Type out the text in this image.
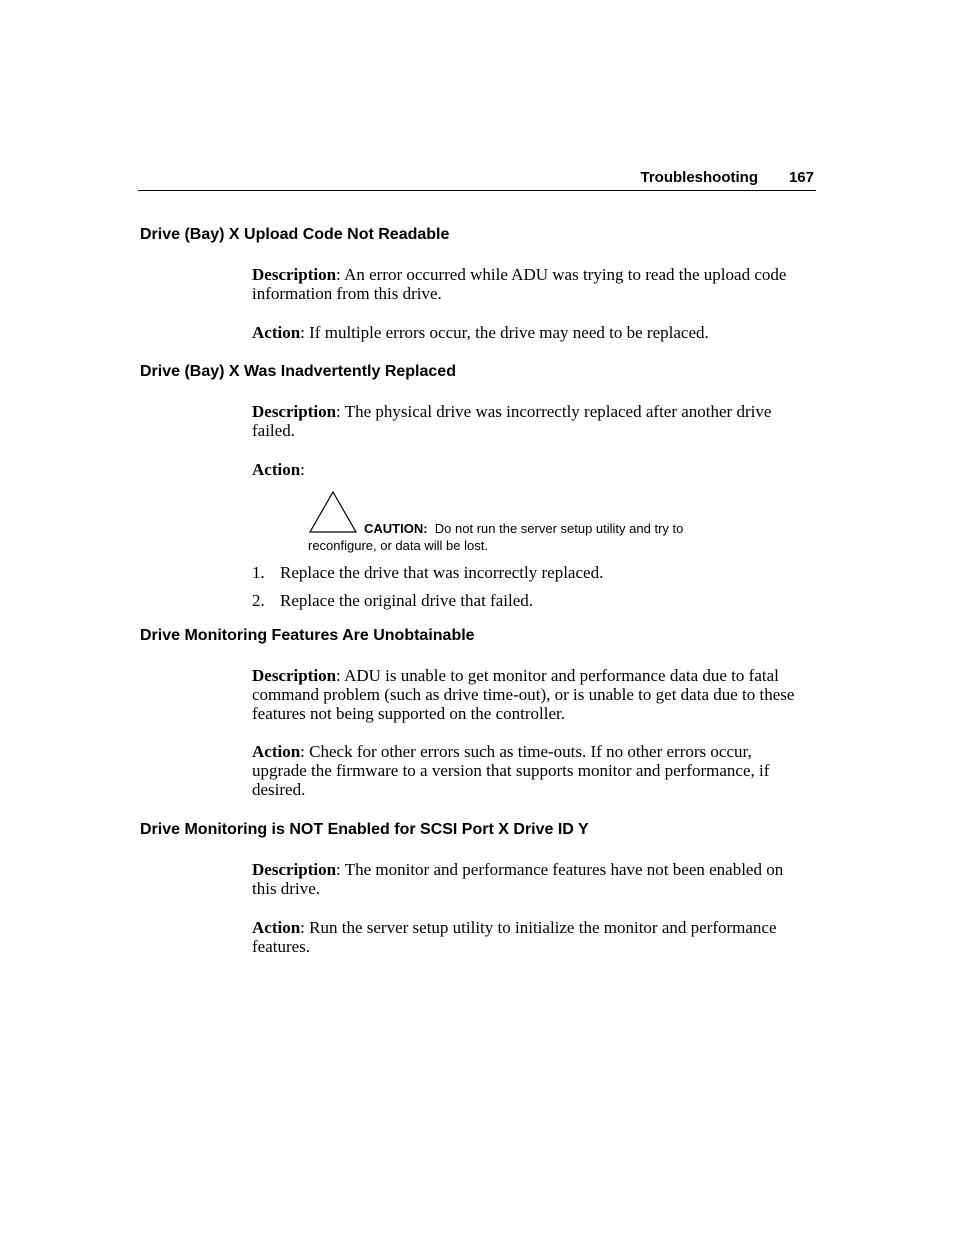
Troubleshooting 167
Drive (Bay) X Upload Code Not Readable
Description: An error occurred while ADU was trying to read the upload code information from this drive.
Action: If multiple errors occur, the drive may need to be replaced.
Drive (Bay) X Was Inadvertently Replaced
Description: The physical drive was incorrectly replaced after another drive failed.
Action:
CAUTION: Do not run the server setup utility and try to
reconfigure, or data will be lost.
1. Replace the drive that was incorrectly replaced.
2. Replace the original drive that failed.
Drive Monitoring Features Are Unobtainable
Description: ADU is unable to get monitor and performance data due to fatal command problem (such as drive time-out), or is unable to get data due to these features not being supported on the controller.
Action: Check for other errors such as time-outs. If no other errors occur, upgrade the firmware to a version that supports monitor and performance, if desired.
Drive Monitoring is NOT Enabled for SCSI Port X Drive ID Y
Description: The monitor and performance features have not been enabled on this drive.
Action: Run the server setup utility to initialize the monitor and performance features.
